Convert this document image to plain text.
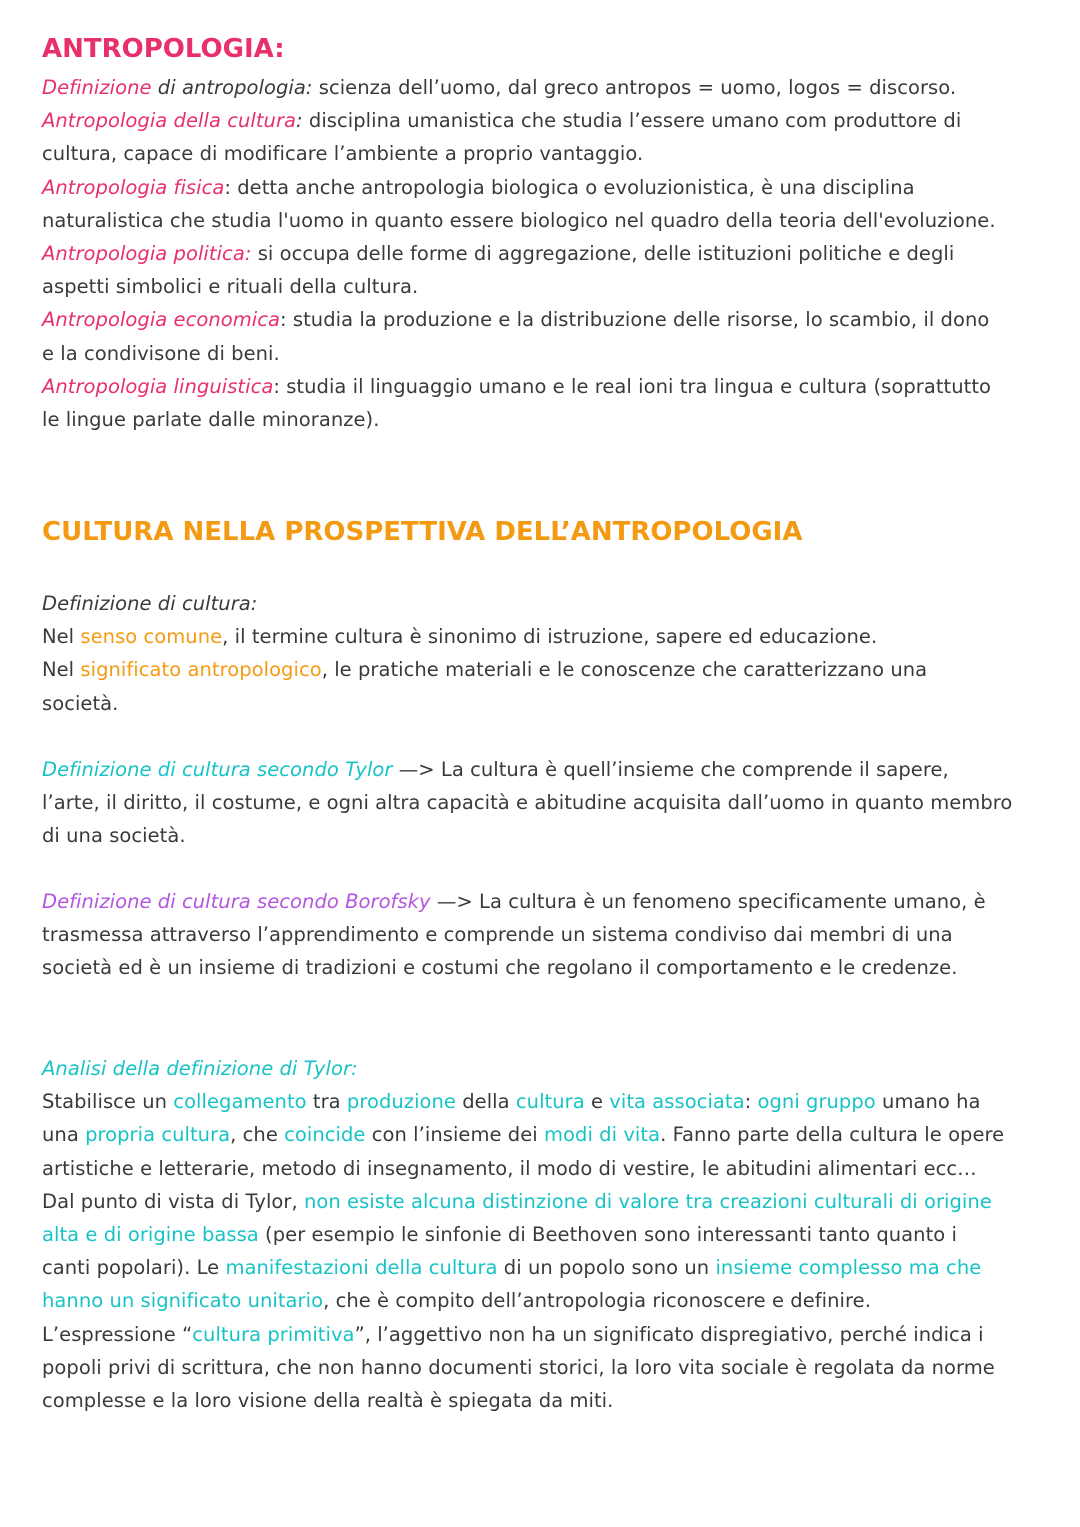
ANTROPOLOGIA:
Definizione di antropologia: scienza dell’uomo, dal greco antropos = uomo, logos = discorso.
Antropologia della cultura: disciplina umanistica che studia l’essere umano com produttore di
cultura, capace di modificare l’ambiente a proprio vantaggio.
Antropologia fisica: detta anche antropologia biologica o evoluzionistica, è una disciplina
naturalistica che studia l'uomo in quanto essere biologico nel quadro della teoria dell'evoluzione.
Antropologia politica: si occupa delle forme di aggregazione, delle istituzioni politiche e degli
aspetti simbolici e rituali della cultura.
Antropologia economica: studia la produzione e la distribuzione delle risorse, lo scambio, il dono
e la condivisone di beni.
Antropologia linguistica: studia il linguaggio umano e le real ioni tra lingua e cultura (soprattutto
le lingue parlate dalle minoranze).
CULTURA NELLA PROSPETTIVA DELL’ANTROPOLOGIA
Definizione di cultura:
Nel senso comune, il termine cultura è sinonimo di istruzione, sapere ed educazione.
Nel significato antropologico, le pratiche materiali e le conoscenze che caratterizzano una
società.
Definizione di cultura secondo Tylor —> La cultura è quell’insieme che comprende il sapere,
l’arte, il diritto, il costume, e ogni altra capacità e abitudine acquisita dall’uomo in quanto membro
di una società.
Definizione di cultura secondo Borofsky —> La cultura è un fenomeno specificamente umano, è
trasmessa attraverso l’apprendimento e comprende un sistema condiviso dai membri di una
società ed è un insieme di tradizioni e costumi che regolano il comportamento e le credenze.
Analisi della definizione di Tylor:
Stabilisce un collegamento tra produzione della cultura e vita associata: ogni gruppo umano ha
una propria cultura, che coincide con l’insieme dei modi di vita. Fanno parte della cultura le opere
artistiche e letterarie, metodo di insegnamento, il modo di vestire, le abitudini alimentari ecc…
Dal punto di vista di Tylor, non esiste alcuna distinzione di valore tra creazioni culturali di origine
alta e di origine bassa (per esempio le sinfonie di Beethoven sono interessanti tanto quanto i
canti popolari). Le manifestazioni della cultura di un popolo sono un insieme complesso ma che
hanno un significato unitario, che è compito dell’antropologia riconoscere e definire.
L’espressione “cultura primitiva”, l’aggettivo non ha un significato dispregiativo, perché indica i
popoli privi di scrittura, che non hanno documenti storici, la loro vita sociale è regolata da norme
complesse e la loro visione della realtà è spiegata da miti.
